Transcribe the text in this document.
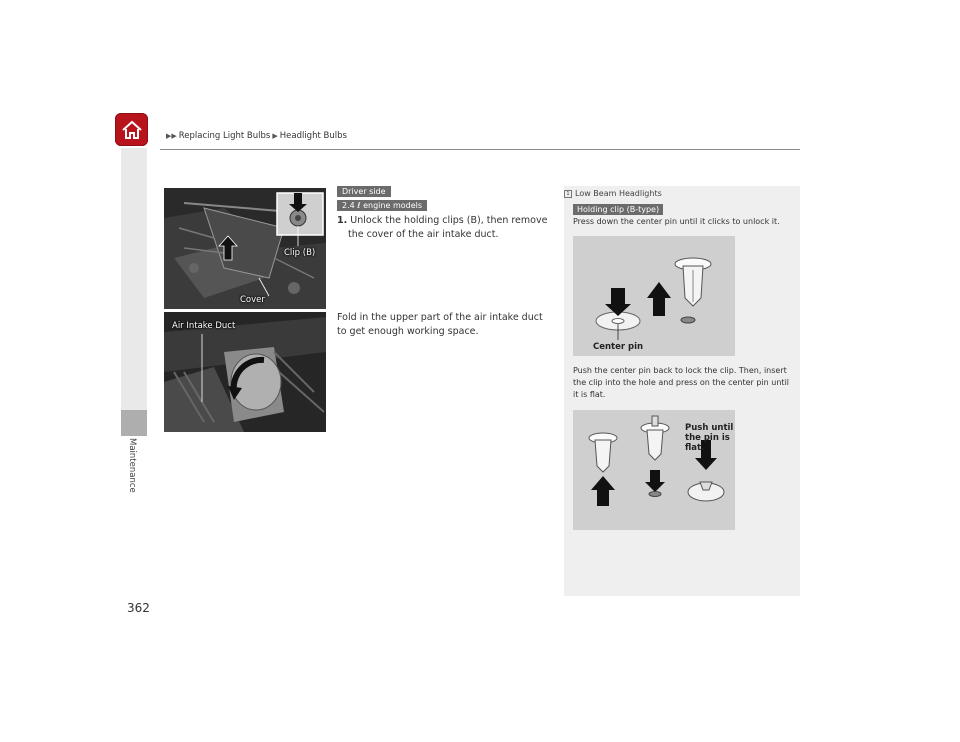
▶▶ Replacing Light Bulbs ▶ Headlight Bulbs
Maintenance
362
Clip (B)
Cover
Air Intake Duct
Driver side
2.4 ℓ engine models
1. Unlock the holding clips (B), then remove
the cover of the air intake duct.
Fold in the upper part of the air intake duct to get enough working space.
1 Low Beam Headlights
Holding clip (B-type)
Press down the center pin until it clicks to unlock it.
Center pin
Push the center pin back to lock the clip. Then, insert the clip into the hole and press on the center pin until it is flat.
Push until the pin is flat.
